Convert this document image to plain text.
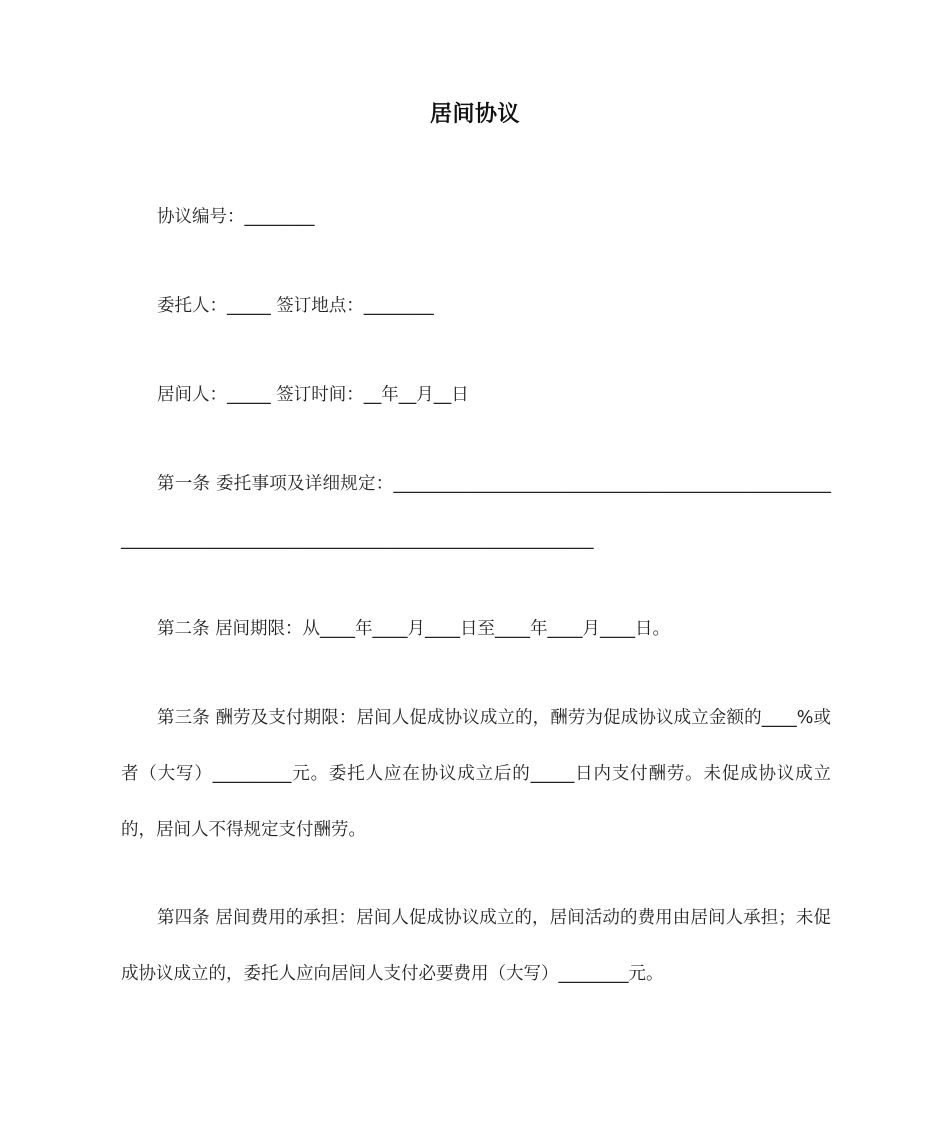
居间协议
协议编号：________
委托人：_____ 签订地点：________
居间人：_____ 签订时间：__年__月__日
第一条 委托事项及详细规定：________________________________________________________________________________________________________
第二条 居间期限：从____年____月____日至____年____月____日。
第三条 酬劳及支付期限：居间人促成协议成立的，酬劳为促成协议成立金额的____%或者（大写）_________元。委托人应在协议成立后的_____日内支付酬劳。未促成协议成立的，居间人不得规定支付酬劳。
第四条 居间费用的承担：居间人促成协议成立的，居间活动的费用由居间人承担；未促成协议成立的，委托人应向居间人支付必要费用（大写）________元。
